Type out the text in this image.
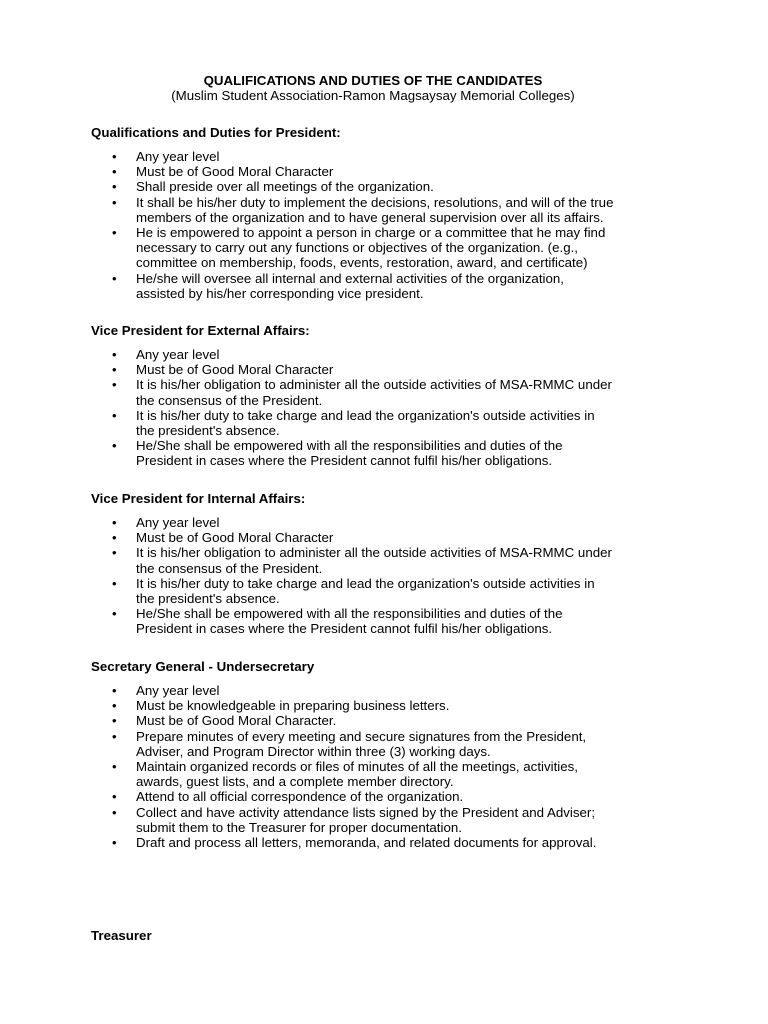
QUALIFICATIONS AND DUTIES OF THE CANDIDATES
(Muslim Student Association-Ramon Magsaysay Memorial Colleges)
Qualifications and Duties for President:
• Any year level
• Must be of Good Moral Character
• Shall preside over all meetings of the organization.
• It shall be his/her duty to implement the decisions, resolutions, and will of the true
members of the organization and to have general supervision over all its affairs.
• He is empowered to appoint a person in charge or a committee that he may find
necessary to carry out any functions or objectives of the organization. (e.g.,
committee on membership, foods, events, restoration, award, and certificate)
• He/she will oversee all internal and external activities of the organization,
assisted by his/her corresponding vice president.
Vice President for External Affairs:
• Any year level
• Must be of Good Moral Character
• It is his/her obligation to administer all the outside activities of MSA-RMMC under
the consensus of the President.
• It is his/her duty to take charge and lead the organization's outside activities in
the president's absence.
• He/She shall be empowered with all the responsibilities and duties of the
President in cases where the President cannot fulfil his/her obligations.
Vice President for Internal Affairs:
• Any year level
• Must be of Good Moral Character
• It is his/her obligation to administer all the outside activities of MSA-RMMC under
the consensus of the President.
• It is his/her duty to take charge and lead the organization's outside activities in
the president's absence.
• He/She shall be empowered with all the responsibilities and duties of the
President in cases where the President cannot fulfil his/her obligations.
Secretary General - Undersecretary
• Any year level
• Must be knowledgeable in preparing business letters.
• Must be of Good Moral Character.
• Prepare minutes of every meeting and secure signatures from the President,
Adviser, and Program Director within three (3) working days.
• Maintain organized records or files of minutes of all the meetings, activities,
awards, guest lists, and a complete member directory.
• Attend to all official correspondence of the organization.
• Collect and have activity attendance lists signed by the President and Adviser;
submit them to the Treasurer for proper documentation.
• Draft and process all letters, memoranda, and related documents for approval.
Treasurer
